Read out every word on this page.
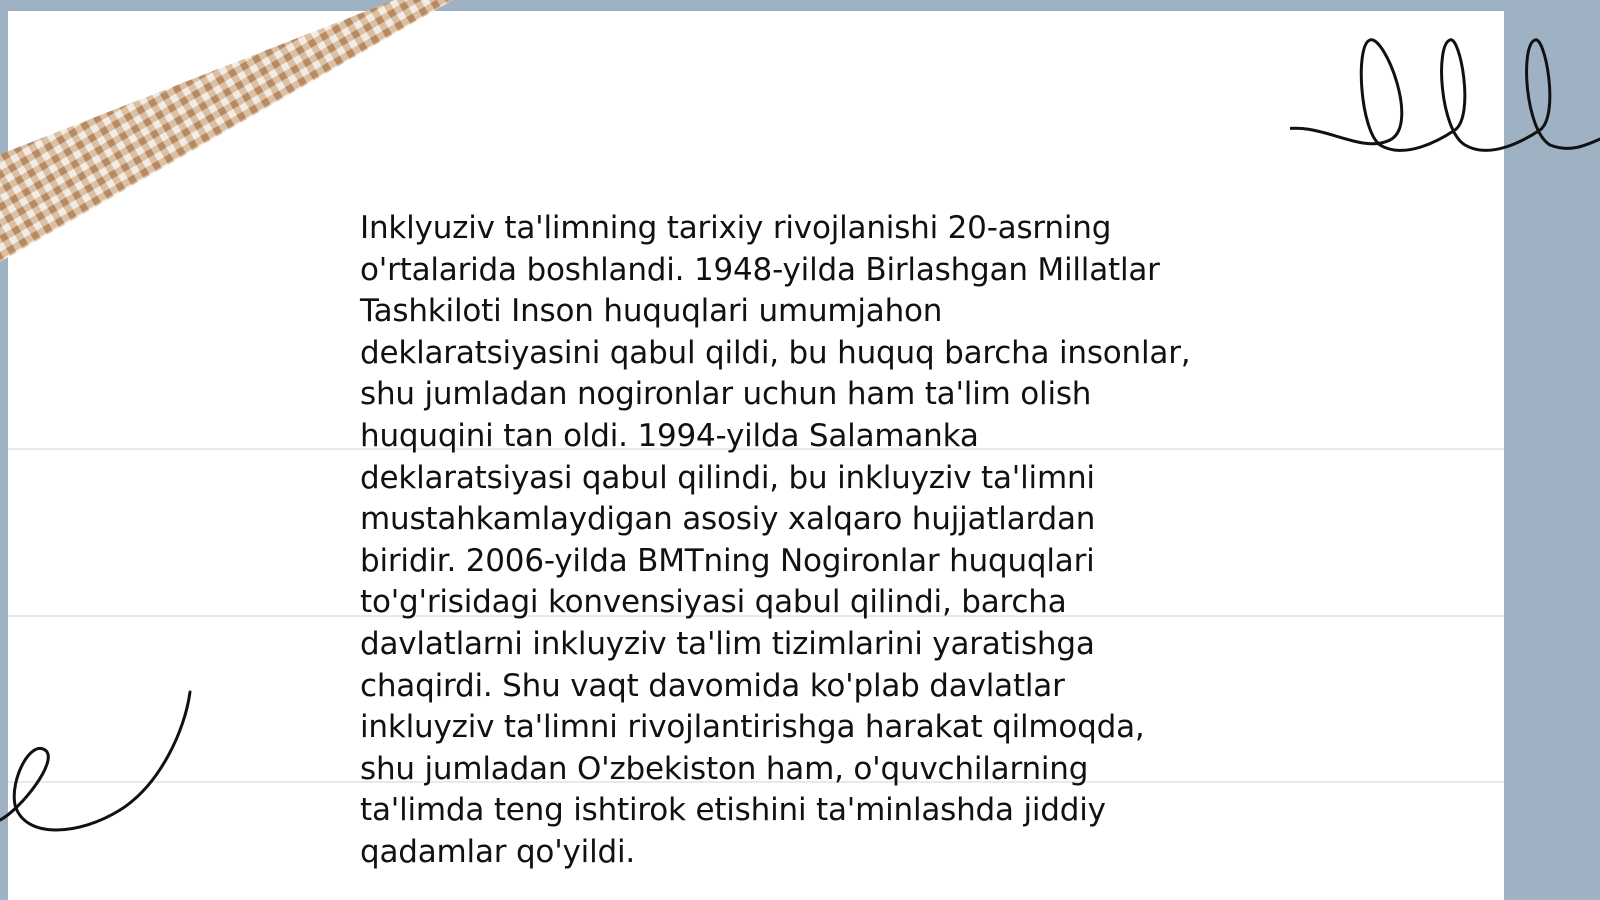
Inklyuziv ta'limning tarixiy rivojlanishi 20-asrning
o'rtalarida boshlandi. 1948-yilda Birlashgan Millatlar
Tashkiloti Inson huquqlari umumjahon
deklaratsiyasini qabul qildi, bu huquq barcha insonlar,
shu jumladan nogironlar uchun ham ta'lim olish
huquqini tan oldi. 1994-yilda Salamanka
deklaratsiyasi qabul qilindi, bu inkluyziv ta'limni
mustahkamlaydigan asosiy xalqaro hujjatlardan
biridir. 2006-yilda BMTning Nogironlar huquqlari
to'g'risidagi konvensiyasi qabul qilindi, barcha
davlatlarni inkluyziv ta'lim tizimlarini yaratishga
chaqirdi. Shu vaqt davomida ko'plab davlatlar
inkluyziv ta'limni rivojlantirishga harakat qilmoqda,
shu jumladan O'zbekiston ham, o'quvchilarning
ta'limda teng ishtirok etishini ta'minlashda jiddiy
qadamlar qo'yildi.
